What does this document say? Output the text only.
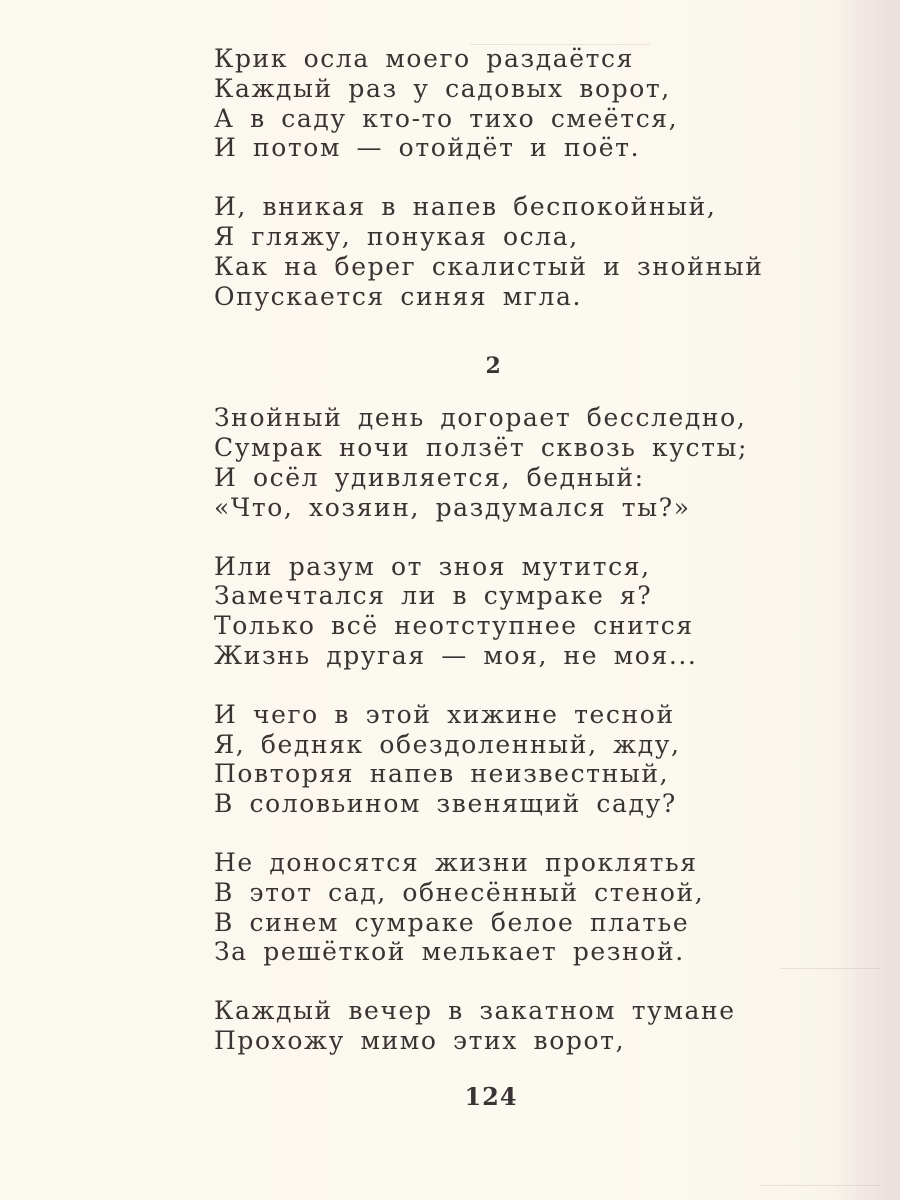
Крик осла моего раздаётся
Каждый раз у садовых ворот,
А в саду кто-то тихо смеётся,
И потом — отойдёт и поёт.
И, вникая в напев беспокойный,
Я гляжу, понукая осла,
Как на берег скалистый и знойный
Опускается синяя мгла.
2
Знойный день догорает бесследно,
Сумрак ночи ползёт сквозь кусты;
И осёл удивляется, бедный:
«Что, хозяин, раздумался ты?»
Или разум от зноя мутится,
Замечтался ли в сумраке я?
Только всё неотступнее снится
Жизнь другая — моя, не моя...
И чего в этой хижине тесной
Я, бедняк обездоленный, жду,
Повторяя напев неизвестный,
В соловьином звенящий саду?
Не доносятся жизни проклятья
В этот сад, обнесённый стеной,
В синем сумраке белое платье
За решёткой мелькает резной.
Каждый вечер в закатном тумане
Прохожу мимо этих ворот,
124
